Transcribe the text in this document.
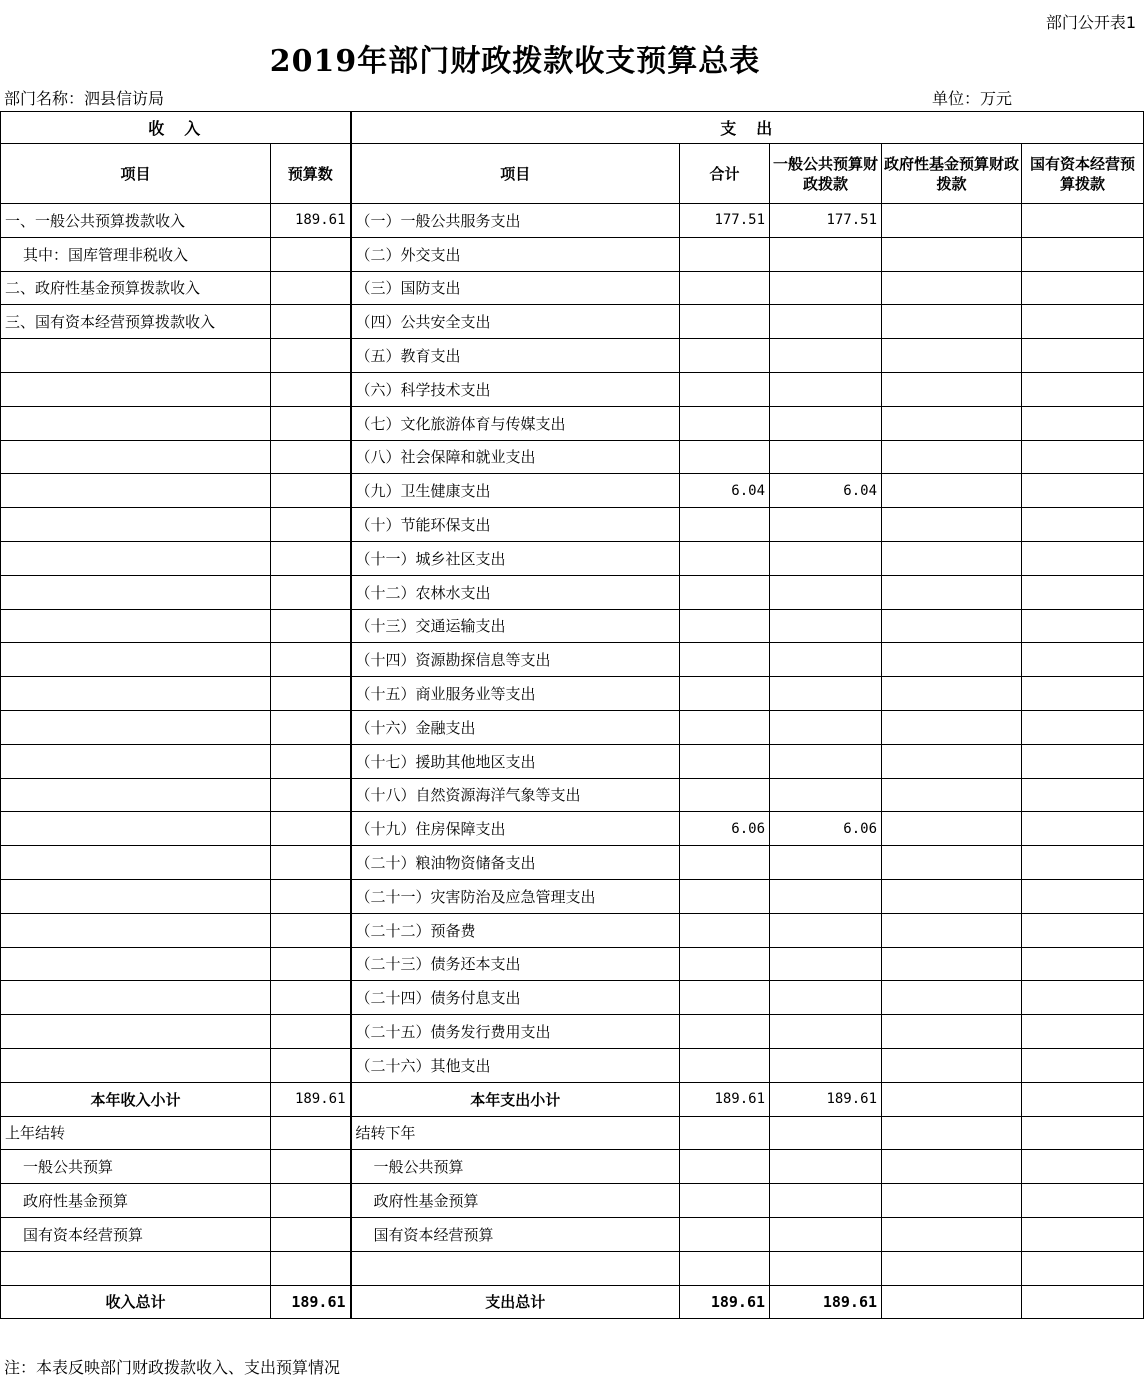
部门公开表1
2019年部门财政拨款收支预算总表
部门名称：泗县信访局	单位：万元
收　入		支　出				
项目	预算数	项目	合计	一般公共预算财政拨款	政府性基金预算财政拨款	国有资本经营预算拨款
一、一般公共预算拨款收入	189.61	（一）一般公共服务支出	177.51	177.51		
其中：国库管理非税收入		（二）外交支出				
二、政府性基金预算拨款收入		（三）国防支出				
三、国有资本经营预算拨款收入		（四）公共安全支出				
		（五）教育支出				
		（六）科学技术支出				
		（七）文化旅游体育与传媒支出				
		（八）社会保障和就业支出				
		（九）卫生健康支出	6.04	6.04		
		（十）节能环保支出				
		（十一）城乡社区支出				
		（十二）农林水支出				
		（十三）交通运输支出				
		（十四）资源勘探信息等支出				
		（十五）商业服务业等支出				
		（十六）金融支出				
		（十七）援助其他地区支出				
		（十八）自然资源海洋气象等支出				
		（十九）住房保障支出	6.06	6.06		
		（二十）粮油物资储备支出				
		（二十一）灾害防治及应急管理支出				
		（二十二）预备费				
		（二十三）债务还本支出				
		（二十四）债务付息支出				
		（二十五）债务发行费用支出				
		（二十六）其他支出				
本年收入小计	189.61	本年支出小计	189.61	189.61		
上年结转		结转下年				
一般公共预算		一般公共预算				
政府性基金预算		政府性基金预算				
国有资本经营预算		国有资本经营预算				

收入总计	189.61	支出总计	189.61	189.61		
注：本表反映部门财政拨款收入、支出预算情况
